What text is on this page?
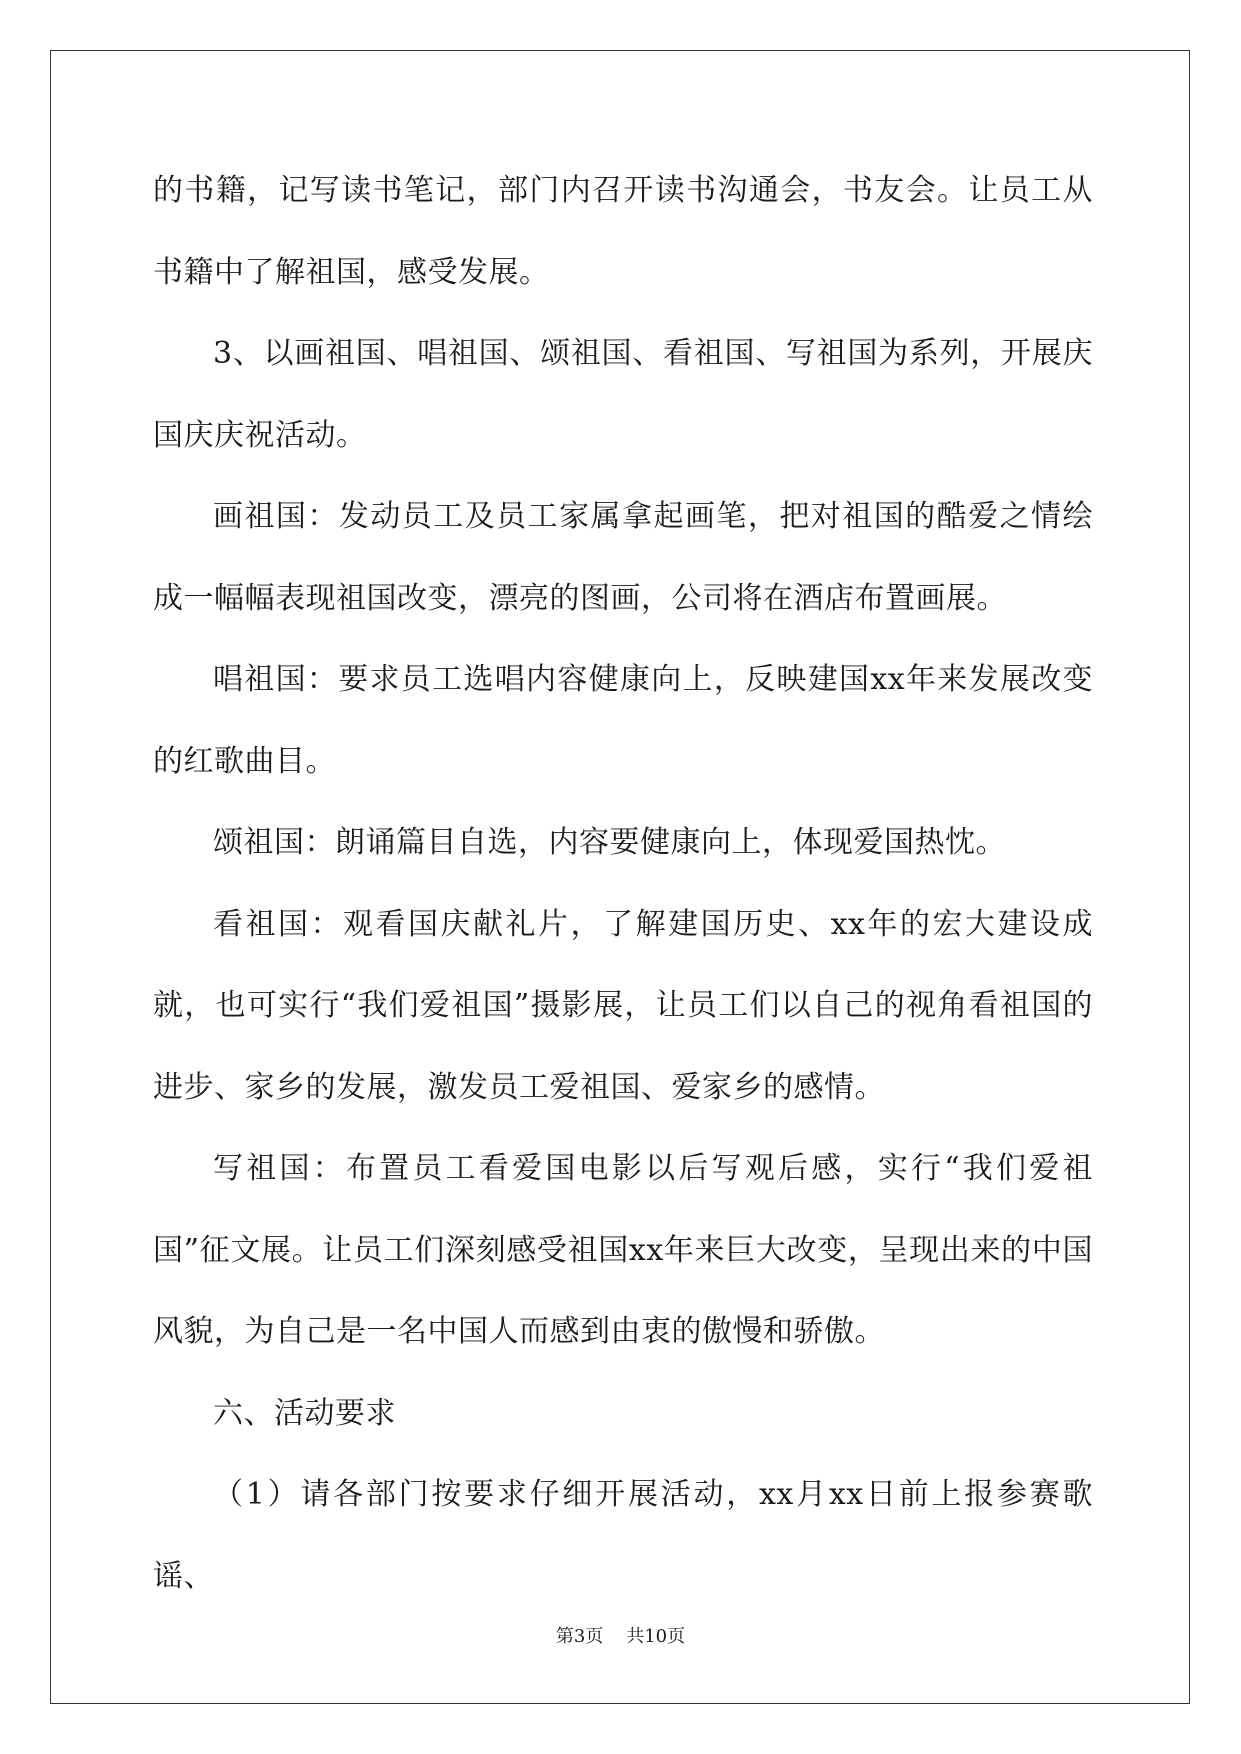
的书籍，记写读书笔记，部门内召开读书沟通会，书友会。让员工从书籍中了解祖国，感受发展。

3、以画祖国、唱祖国、颂祖国、看祖国、写祖国为系列，开展庆国庆庆祝活动。

画祖国：发动员工及员工家属拿起画笔，把对祖国的酷爱之情绘成一幅幅表现祖国改变，漂亮的图画，公司将在酒店布置画展。

唱祖国：要求员工选唱内容健康向上，反映建国xx年来发展改变的红歌曲目。

颂祖国：朗诵篇目自选，内容要健康向上，体现爱国热忱。

看祖国：观看国庆献礼片，了解建国历史、xx年的宏大建设成就，也可实行“我们爱祖国”摄影展，让员工们以自己的视角看祖国的进步、家乡的发展，激发员工爱祖国、爱家乡的感情。

写祖国：布置员工看爱国电影以后写观后感，实行“我们爱祖国”征文展。让员工们深刻感受祖国xx年来巨大改变，呈现出来的中国风貌，为自己是一名中国人而感到由衷的傲慢和骄傲。

六、活动要求

（1）请各部门按要求仔细开展活动，xx月xx日前上报参赛歌谣、

第3页 共10页
